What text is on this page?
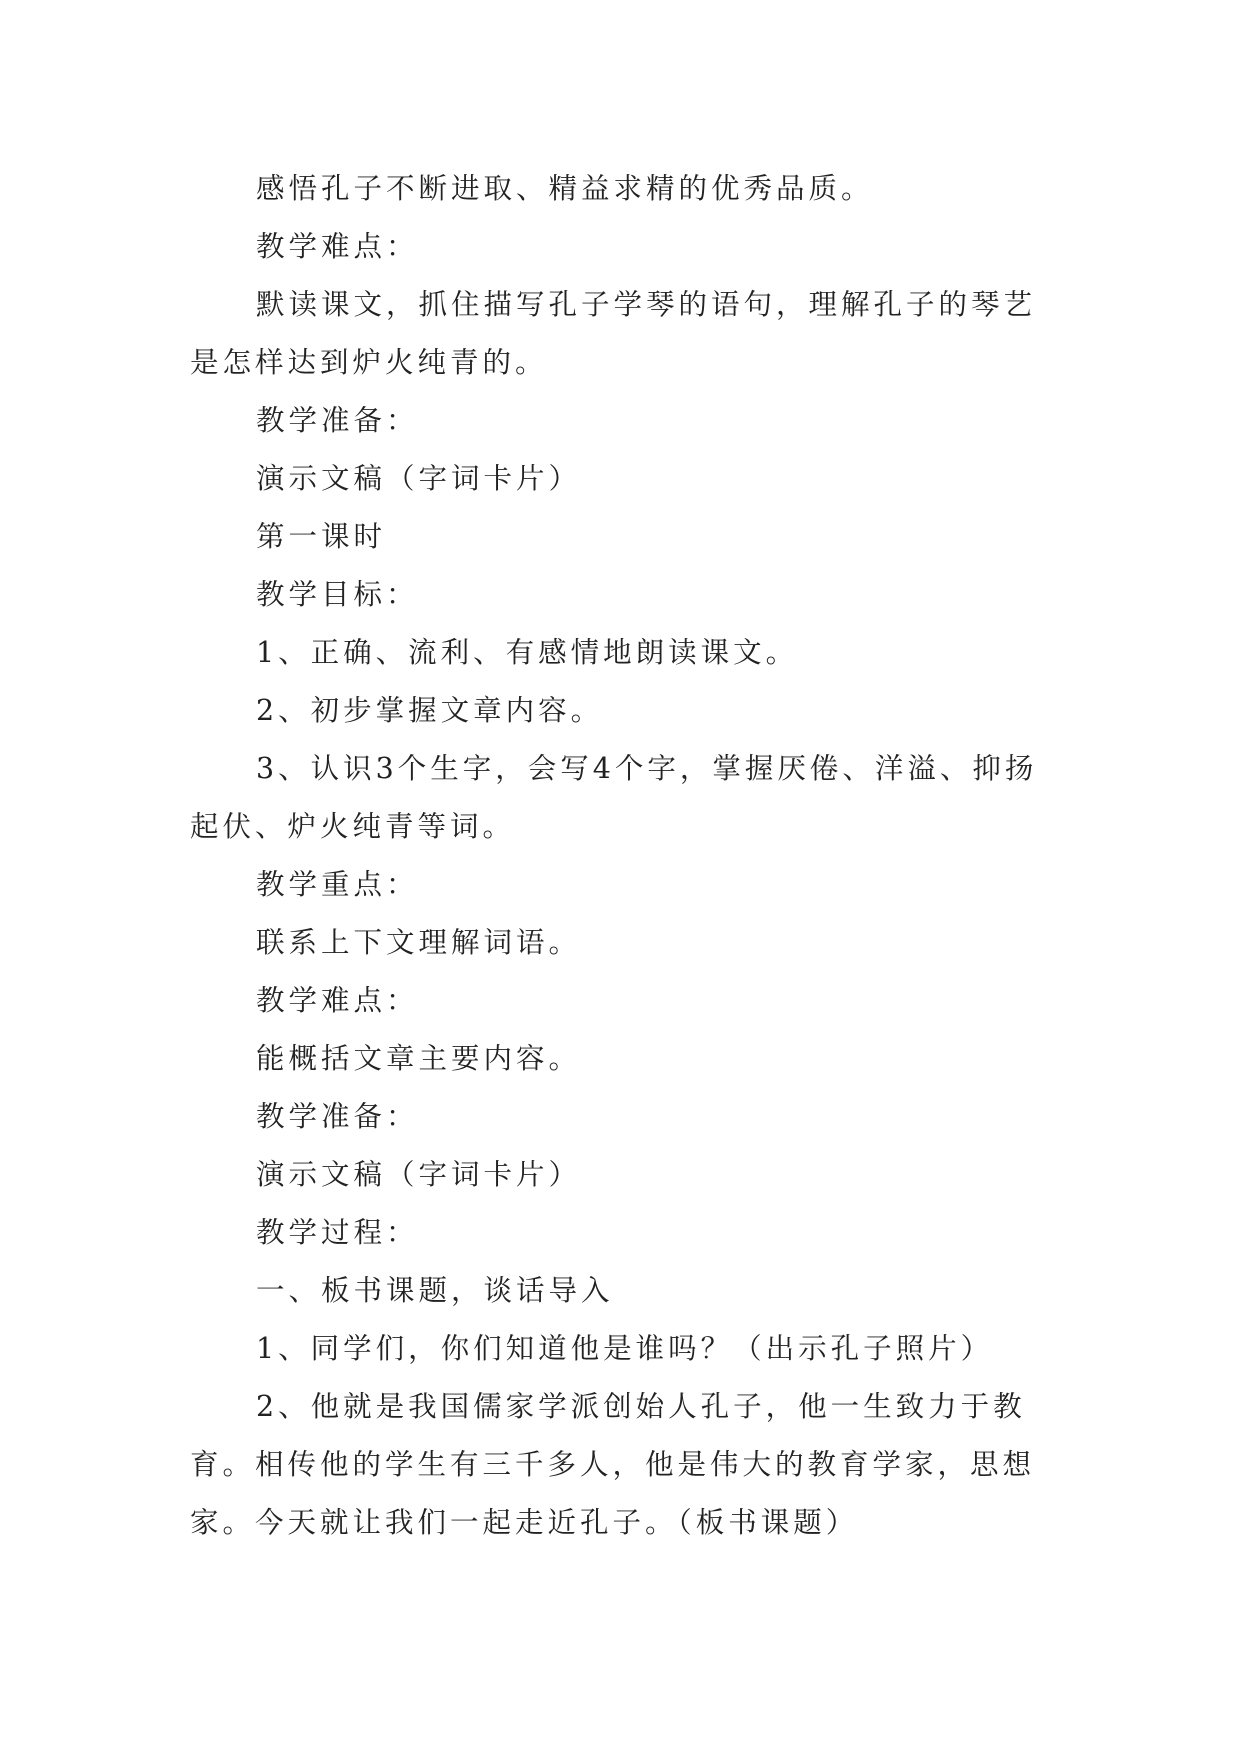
感悟孔子不断进取、精益求精的优秀品质。

教学难点：

默读课文，抓住描写孔子学琴的语句，理解孔子的琴艺是怎样达到炉火纯青的。

教学准备：

演示文稿（字词卡片）

第一课时

教学目标：

1、正确、流利、有感情地朗读课文。

2、初步掌握文章内容。

3、认识3个生字，会写4个字，掌握厌倦、洋溢、抑扬起伏、炉火纯青等词。

教学重点：

联系上下文理解词语。

教学难点：

能概括文章主要内容。

教学准备：

演示文稿（字词卡片）

教学过程：

一、板书课题，谈话导入

1、同学们，你们知道他是谁吗？（出示孔子照片）

2、他就是我国儒家学派创始人孔子，他一生致力于教育。相传他的学生有三千多人，他是伟大的教育学家，思想家。今天就让我们一起走近孔子。（板书课题）
